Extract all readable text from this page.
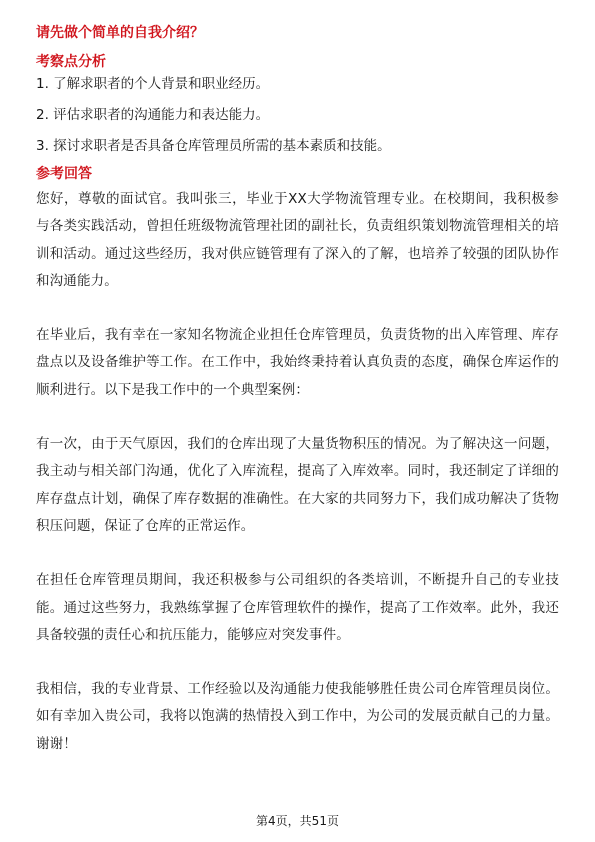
请先做个简单的自我介绍？
考察点分析
1. 了解求职者的个人背景和职业经历。
2. 评估求职者的沟通能力和表达能力。
3. 探讨求职者是否具备仓库管理员所需的基本素质和技能。
参考回答

您好，尊敬的面试官。我叫张三，毕业于XX大学物流管理专业。在校期间，我积极参与各类实践活动，曾担任班级物流管理社团的副社长，负责组织策划物流管理相关的培训和活动。通过这些经历，我对供应链管理有了深入的了解，也培养了较强的团队协作和沟通能力。

在毕业后，我有幸在一家知名物流企业担任仓库管理员，负责货物的出入库管理、库存盘点以及设备维护等工作。在工作中，我始终秉持着认真负责的态度，确保仓库运作的顺利进行。以下是我工作中的一个典型案例：

有一次，由于天气原因，我们的仓库出现了大量货物积压的情况。为了解决这一问题，我主动与相关部门沟通，优化了入库流程，提高了入库效率。同时，我还制定了详细的库存盘点计划，确保了库存数据的准确性。在大家的共同努力下，我们成功解决了货物积压问题，保证了仓库的正常运作。

在担任仓库管理员期间，我还积极参与公司组织的各类培训，不断提升自己的专业技能。通过这些努力，我熟练掌握了仓库管理软件的操作，提高了工作效率。此外，我还具备较强的责任心和抗压能力，能够应对突发事件。

我相信，我的专业背景、工作经验以及沟通能力使我能够胜任贵公司仓库管理员岗位。如有幸加入贵公司，我将以饱满的热情投入到工作中，为公司的发展贡献自己的力量。谢谢！

第4页，共51页
